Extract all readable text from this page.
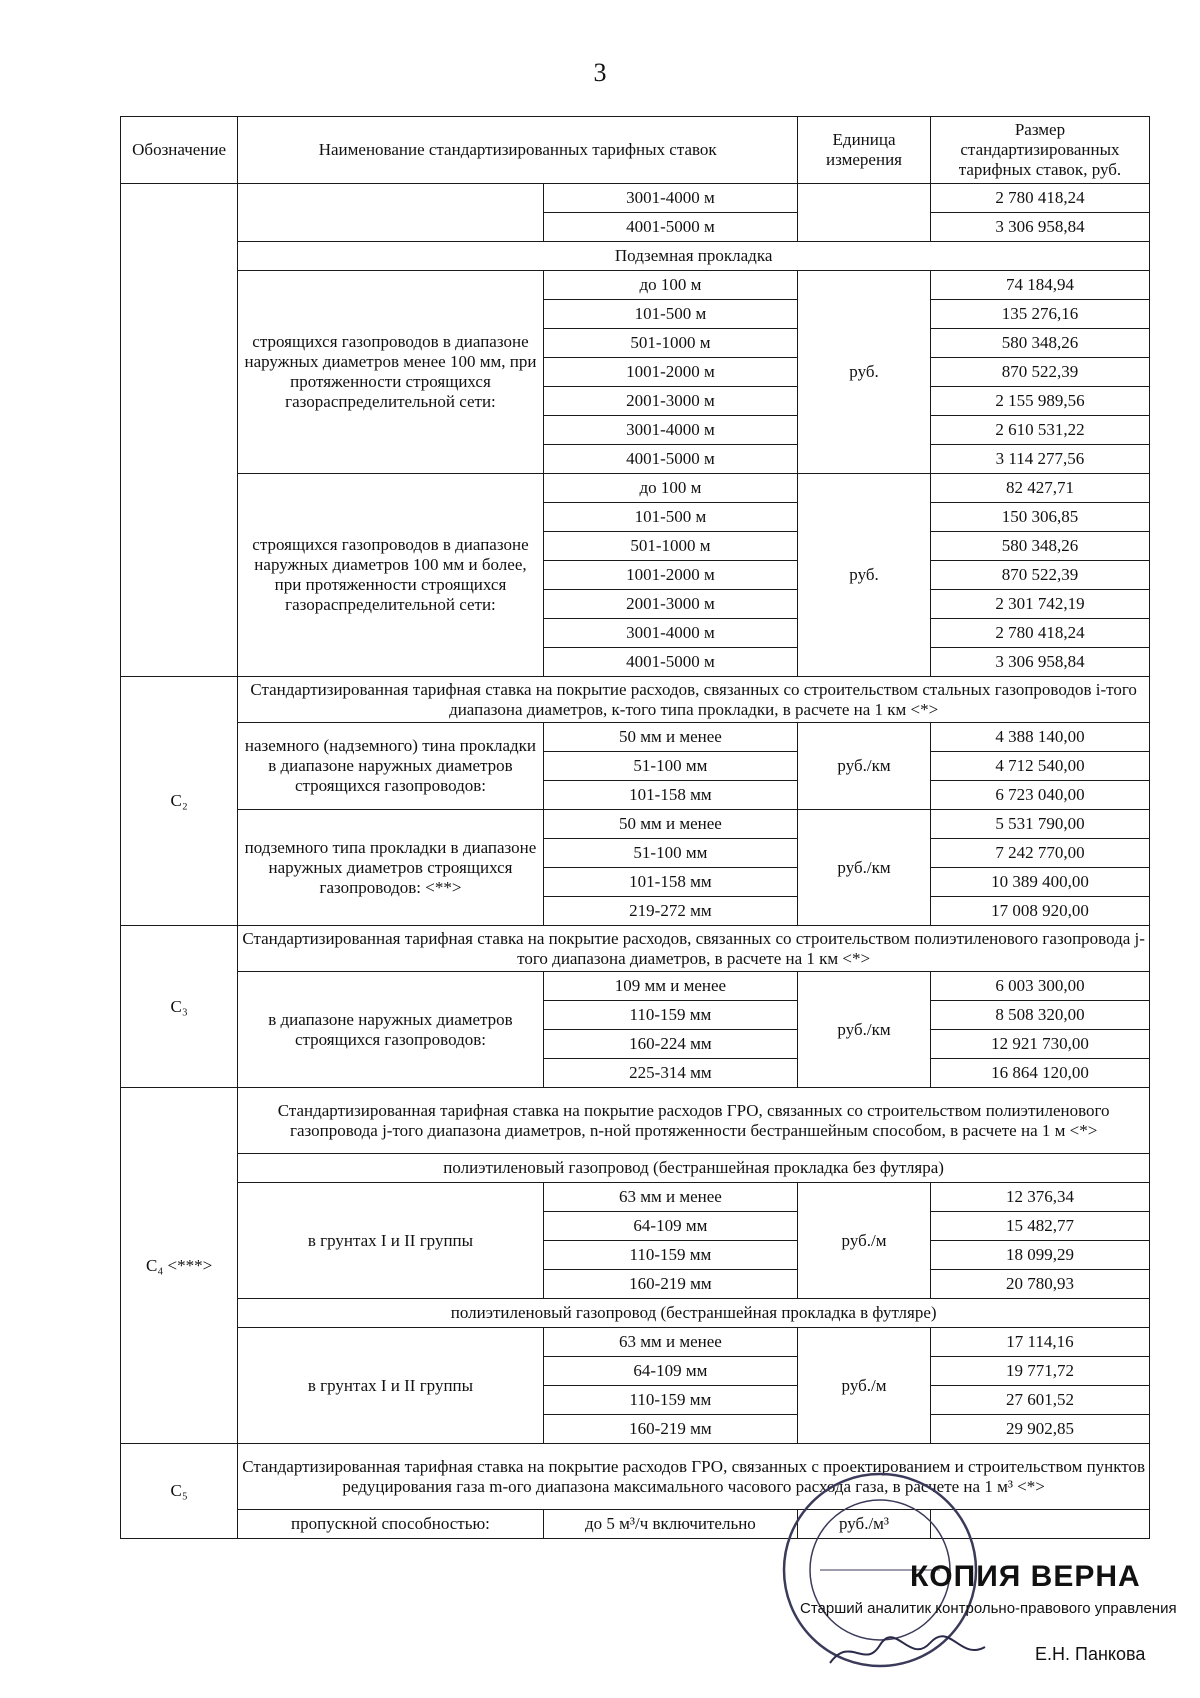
3
Обозначение	Наименование стандартизированных тарифных ставок		Единица измерения	Размер стандартизированных тарифных ставок, руб.
		3001-4000 м		2 780 418,24
		4001-5000 м		3 306 958,84
	Подземная прокладка			
	строящихся газопроводов в диапазоне наружных диаметров менее 100 мм, при протяженности строящихся газораспределительной сети:	до 100 м	руб.	74 184,94
		101-500 м		135 276,16
		501-1000 м		580 348,26
		1001-2000 м		870 522,39
		2001-3000 м		2 155 989,56
		3001-4000 м		2 610 531,22
		4001-5000 м		3 114 277,56
	строящихся газопроводов в диапазоне наружных диаметров 100 мм и более, при протяженности строящихся газораспределительной сети:	до 100 м	руб.	82 427,71
		101-500 м		150 306,85
		501-1000 м		580 348,26
		1001-2000 м		870 522,39
		2001-3000 м		2 301 742,19
		3001-4000 м		2 780 418,24
		4001-5000 м		3 306 958,84
C₂	Стандартизированная тарифная ставка на покрытие расходов, связанных со строительством стальных газопроводов i-того диапазона диаметров, к-того типа прокладки, в расчете на 1 км <*>			
	наземного (надземного) тина прокладки в диапазоне наружных диаметров строящихся газопроводов:	50 мм и менее	руб./км	4 388 140,00
		51-100 мм		4 712 540,00
		101-158 мм		6 723 040,00
	подземного типа прокладки в диапазоне наружных диаметров строящихся газопроводов: <**>	50 мм и менее	руб./км	5 531 790,00
		51-100 мм		7 242 770,00
		101-158 мм		10 389 400,00
		219-272 мм		17 008 920,00
C₃	Стандартизированная тарифная ставка на покрытие расходов, связанных со строительством полиэтиленового газопровода j-того диапазона диаметров, в расчете на 1 км <*>			
	в диапазоне наружных диаметров строящихся газопроводов:	109 мм и менее	руб./км	6 003 300,00
		110-159 мм		8 508 320,00
		160-224 мм		12 921 730,00
		225-314 мм		16 864 120,00
C₄ <***>	Стандартизированная тарифная ставка на покрытие расходов ГРО, связанных со строительством полиэтиленового газопровода j-того диапазона диаметров, n-ной протяженности бестраншейным способом, в расчете на 1 м <*>			
	полиэтиленовый газопровод (бестраншейная прокладка без футляра)			
	в грунтах I и II группы	63 мм и менее	руб./м	12 376,34
		64-109 мм		15 482,77
		110-159 мм		18 099,29
		160-219 мм		20 780,93
	полиэтиленовый газопровод (бестраншейная прокладка в футляре)			
	в грунтах I и II группы	63 мм и менее	руб./м	17 114,16
		64-109 мм		19 771,72
		110-159 мм		27 601,52
		160-219 мм		29 902,85
C₅	Стандартизированная тарифная ставка на покрытие расходов ГРО, связанных с проектированием и строительством пунктов редуцирования газа m-ого диапазона максимального часового расхода газа, в расчете на 1 м³ <*>			
	пропускной способностью:	до 5 м³/ч включительно	руб./м³	
КОПИЯ ВЕРНА
Старший аналитик контрольно-правового управления
Е.Н. Панкова
